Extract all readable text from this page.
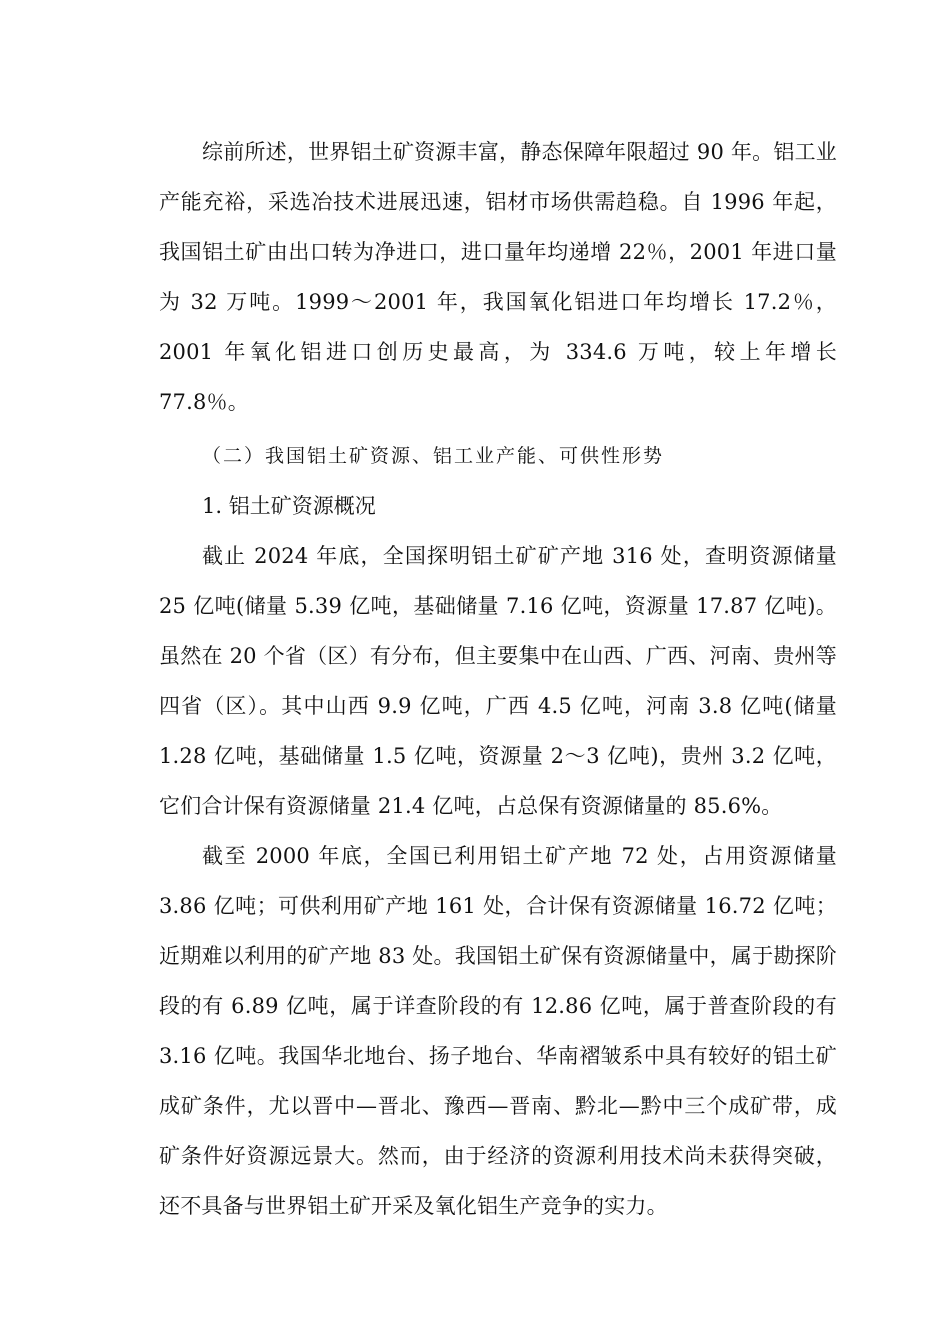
综前所述，世界铝土矿资源丰富，静态保障年限超过 90 年。铝工业产能充裕，采选冶技术进展迅速，铝材市场供需趋稳。自 1996 年起，我国铝土矿由出口转为净进口，进口量年均递增 22％，2001 年进口量为 32 万吨。1999～2001 年，我国氧化铝进口年均增长 17.2％，2001 年氧化铝进口创历史最高，为 334.6 万吨，较上年增长 77.8％。

（二）我国铝土矿资源、铝工业产能、可供性形势

1. 铝土矿资源概况

截止 2024 年底，全国探明铝土矿矿产地 316 处，查明资源储量 25 亿吨(储量 5.39 亿吨，基础储量 7.16 亿吨，资源量 17.87 亿吨)。虽然在 20 个省（区）有分布，但主要集中在山西、广西、河南、贵州等四省（区）。其中山西 9.9 亿吨，广西 4.5 亿吨，河南 3.8 亿吨(储量 1.28 亿吨，基础储量 1.5 亿吨，资源量 2～3 亿吨)，贵州 3.2 亿吨，它们合计保有资源储量 21.4 亿吨，占总保有资源储量的 85.6%。

截至 2000 年底，全国已利用铝土矿产地 72 处，占用资源储量 3.86 亿吨；可供利用矿产地 161 处，合计保有资源储量 16.72 亿吨；近期难以利用的矿产地 83 处。我国铝土矿保有资源储量中，属于勘探阶段的有 6.89 亿吨，属于详查阶段的有 12.86 亿吨，属于普查阶段的有 3.16 亿吨。我国华北地台、扬子地台、华南褶皱系中具有较好的铝土矿成矿条件，尤以晋中—晋北、豫西—晋南、黔北—黔中三个成矿带，成矿条件好资源远景大。然而，由于经济的资源利用技术尚未获得突破，还不具备与世界铝土矿开采及氧化铝生产竞争的实力。
